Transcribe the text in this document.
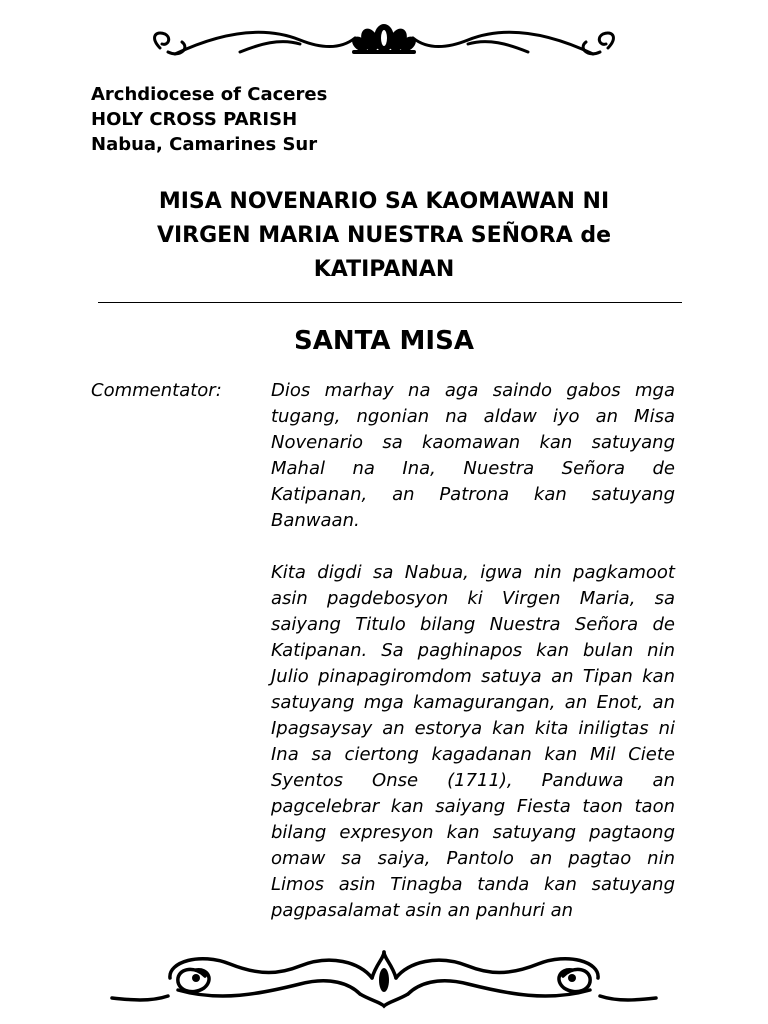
Archdiocese of Caceres
HOLY CROSS PARISH
Nabua, Camarines Sur
MISA NOVENARIO SA KAOMAWAN NI
VIRGEN MARIA NUESTRA SEÑORA de
KATIPANAN
SANTA MISA
Commentator:	Dios marhay na aga saindo gabos mga
tugang, ngonian na aldaw iyo an Misa
Novenario sa kaomawan kan satuyang
Mahal na Ina, Nuestra Señora de
Katipanan, an Patrona kan satuyang
Banwaan.
Kita digdi sa Nabua, igwa nin pagkamoot
asin pagdebosyon ki Virgen Maria, sa
saiyang Titulo bilang Nuestra Señora de
Katipanan. Sa paghinapos kan bulan nin
Julio pinapagiromdom satuya an Tipan kan
satuyang mga kamagurangan, an Enot, an
Ipagsaysay an estorya kan kita iniligtas ni
Ina sa ciertong kagadanan kan Mil Ciete
Syentos Onse (1711), Panduwa an
pagcelebrar kan saiyang Fiesta taon taon
bilang expresyon kan satuyang pagtaong
omaw sa saiya, Pantolo an pagtao nin
Limos asin Tinagba tanda kan satuyang
pagpasalamat asin an panhuri an
